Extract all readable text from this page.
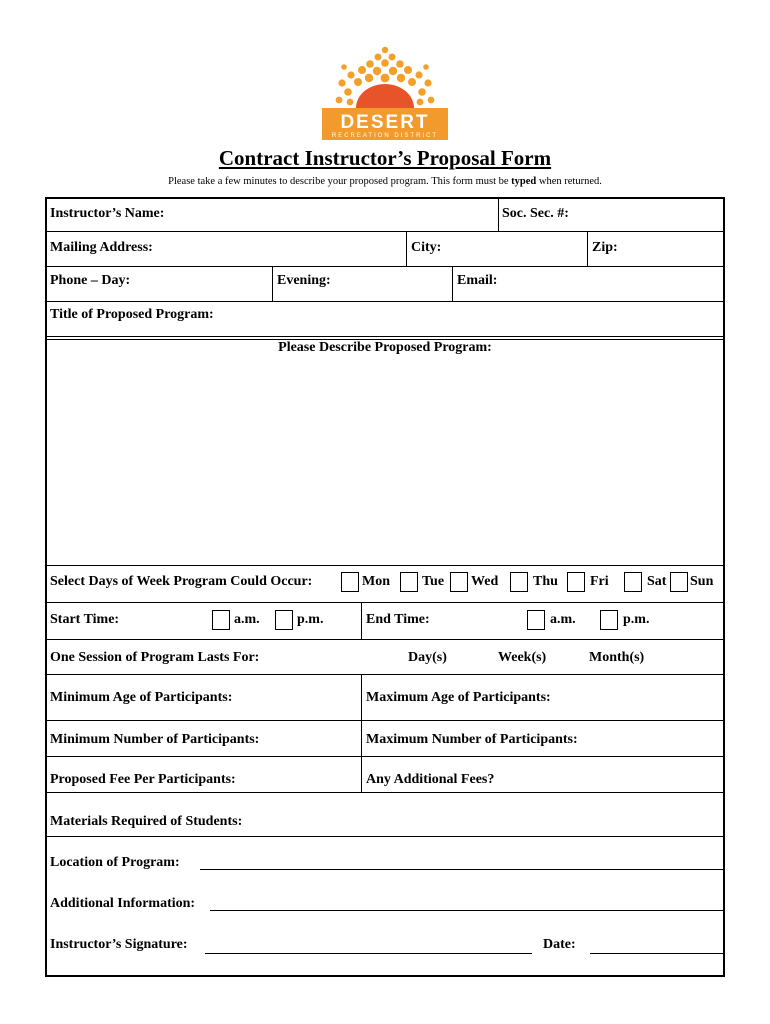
DESERT
RECREATION DISTRICT
Contract Instructor’s Proposal Form
Please take a few minutes to describe your proposed program. This form must be typed when returned.
Instructor’s Name:	Soc. Sec. #:
Mailing Address:	City:	Zip:
Phone – Day:	Evening:	Email:
Title of Proposed Program:
Please Describe Proposed Program:
Select Days of Week Program Could Occur:	Mon Tue Wed Thu Fri	Sat Sun
Start Time:	a.m.	p.m.	End Time:	a.m.	p.m.
One Session of Program Lasts For:	Day(s)	Week(s)	Month(s)
Minimum Age of Participants:	Maximum Age of Participants:
Minimum Number of Participants:	Maximum Number of Participants:
Proposed Fee Per Participants:	Any Additional Fees?
Materials Required of Students:
Location of Program:
Additional Information:
Instructor’s Signature:	Date:
